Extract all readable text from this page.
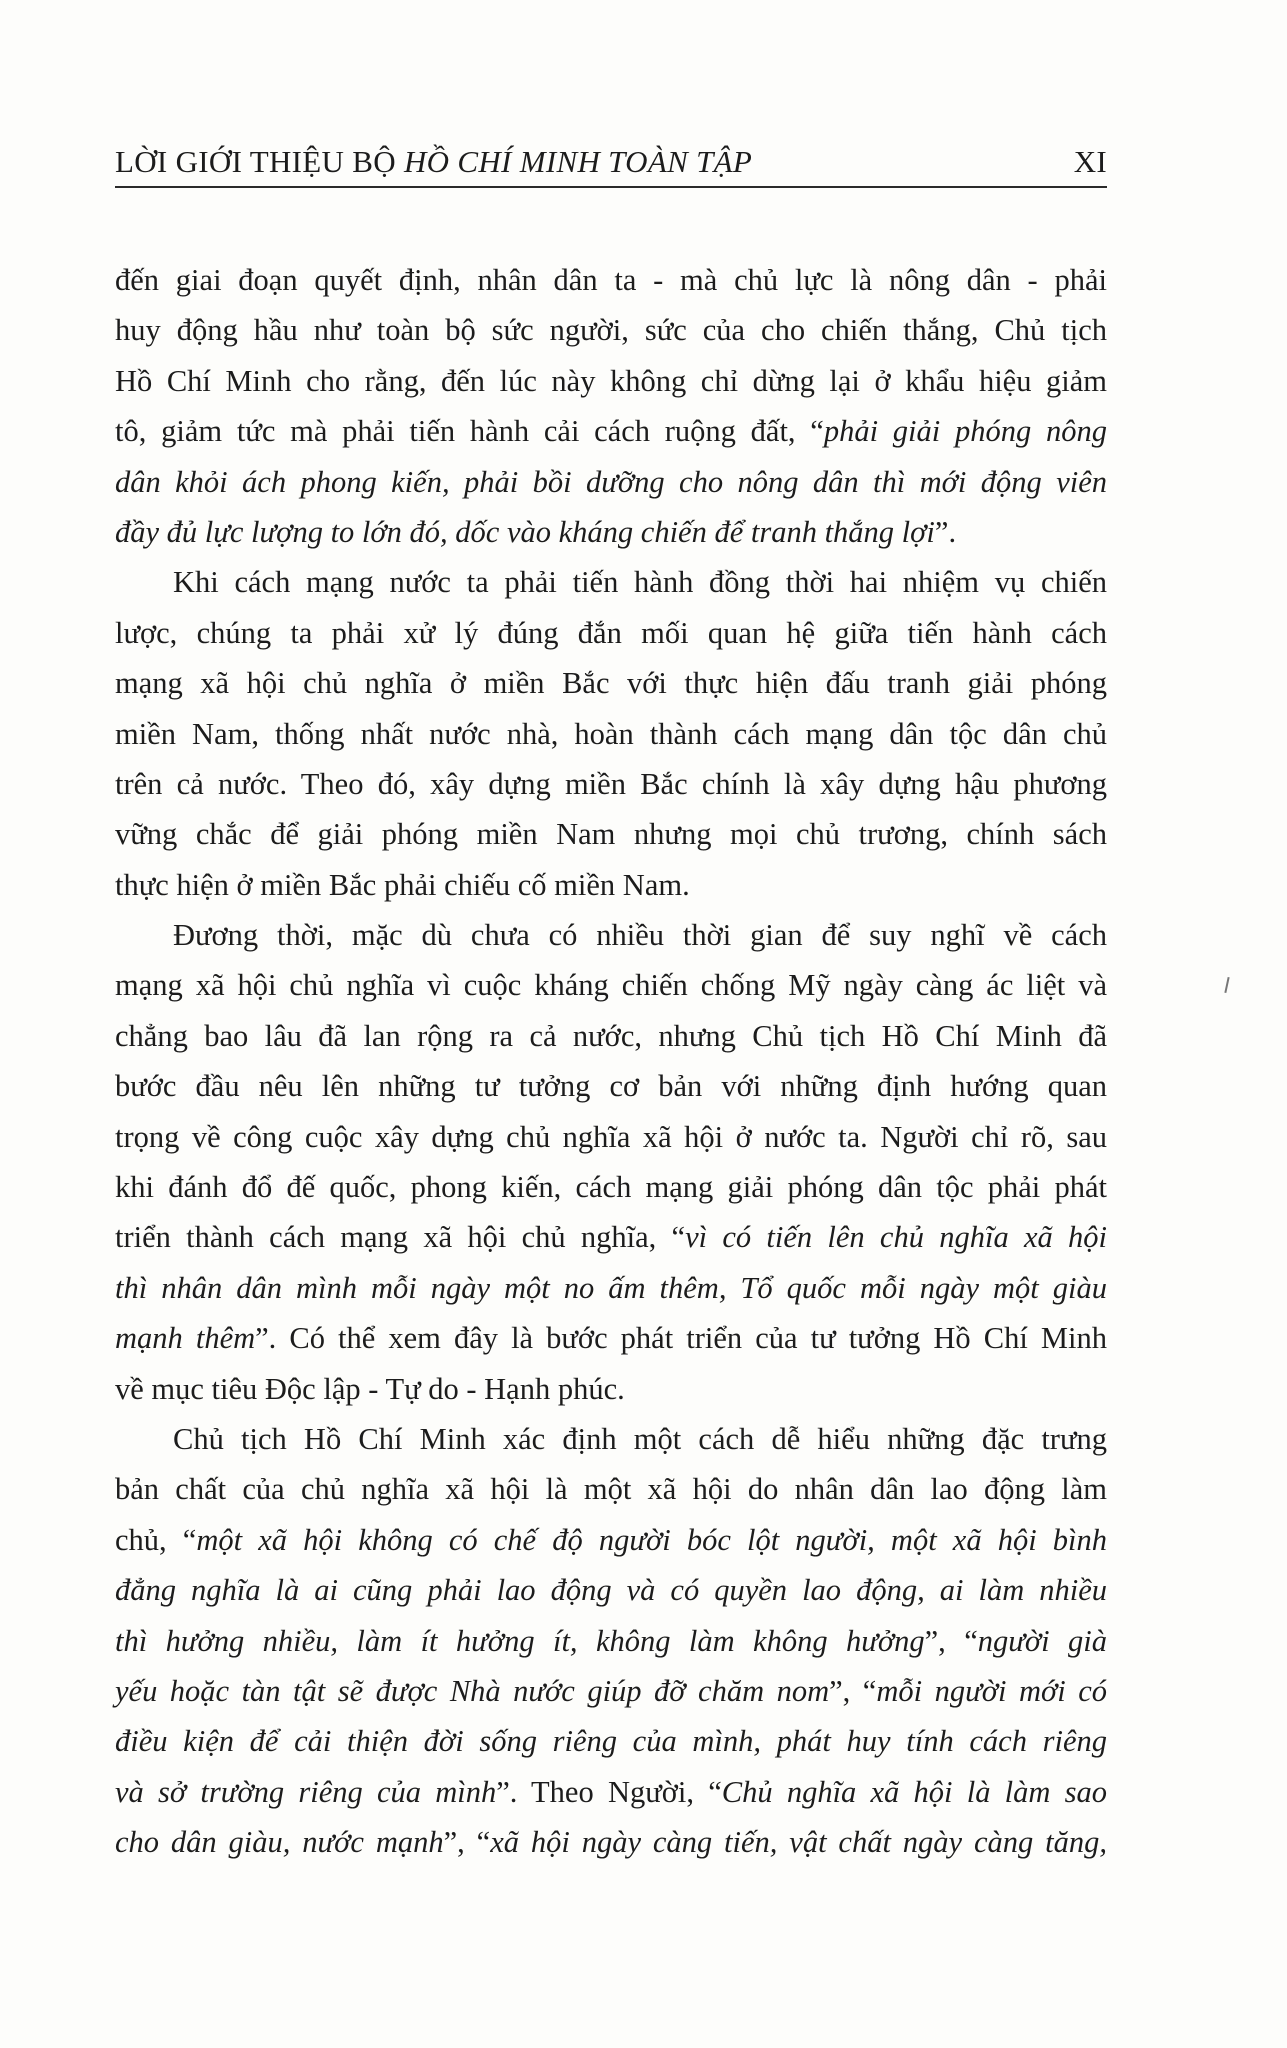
LỜI GIỚI THIỆU BỘ HỒ CHÍ MINH TOÀN TẬP	XI
đến giai đoạn quyết định, nhân dân ta - mà chủ lực là nông dân - phải
huy động hầu như toàn bộ sức người, sức của cho chiến thắng, Chủ tịch
Hồ Chí Minh cho rằng, đến lúc này không chỉ dừng lại ở khẩu hiệu giảm
tô, giảm tức mà phải tiến hành cải cách ruộng đất, “phải giải phóng nông
dân khỏi ách phong kiến, phải bồi dưỡng cho nông dân thì mới động viên
đầy đủ lực lượng to lớn đó, dốc vào kháng chiến để tranh thắng lợi”.
Khi cách mạng nước ta phải tiến hành đồng thời hai nhiệm vụ chiến
lược, chúng ta phải xử lý đúng đắn mối quan hệ giữa tiến hành cách
mạng xã hội chủ nghĩa ở miền Bắc với thực hiện đấu tranh giải phóng
miền Nam, thống nhất nước nhà, hoàn thành cách mạng dân tộc dân chủ
trên cả nước. Theo đó, xây dựng miền Bắc chính là xây dựng hậu phương
vững chắc để giải phóng miền Nam nhưng mọi chủ trương, chính sách
thực hiện ở miền Bắc phải chiếu cố miền Nam.
Đương thời, mặc dù chưa có nhiều thời gian để suy nghĩ về cách
mạng xã hội chủ nghĩa vì cuộc kháng chiến chống Mỹ ngày càng ác liệt và
chẳng bao lâu đã lan rộng ra cả nước, nhưng Chủ tịch Hồ Chí Minh đã
bước đầu nêu lên những tư tưởng cơ bản với những định hướng quan
trọng về công cuộc xây dựng chủ nghĩa xã hội ở nước ta. Người chỉ rõ, sau
khi đánh đổ đế quốc, phong kiến, cách mạng giải phóng dân tộc phải phát
triển thành cách mạng xã hội chủ nghĩa, “vì có tiến lên chủ nghĩa xã hội
thì nhân dân mình mỗi ngày một no ấm thêm, Tổ quốc mỗi ngày một giàu
mạnh thêm”. Có thể xem đây là bước phát triển của tư tưởng Hồ Chí Minh
về mục tiêu Độc lập - Tự do - Hạnh phúc.
Chủ tịch Hồ Chí Minh xác định một cách dễ hiểu những đặc trưng
bản chất của chủ nghĩa xã hội là một xã hội do nhân dân lao động làm
chủ, “một xã hội không có chế độ người bóc lột người, một xã hội bình
đẳng nghĩa là ai cũng phải lao động và có quyền lao động, ai làm nhiều
thì hưởng nhiều, làm ít hưởng ít, không làm không hưởng”, “người già
yếu hoặc tàn tật sẽ được Nhà nước giúp đỡ chăm nom”, “mỗi người mới có
điều kiện để cải thiện đời sống riêng của mình, phát huy tính cách riêng
và sở trường riêng của mình”. Theo Người, “Chủ nghĩa xã hội là làm sao
cho dân giàu, nước mạnh”, “xã hội ngày càng tiến, vật chất ngày càng tăng,
